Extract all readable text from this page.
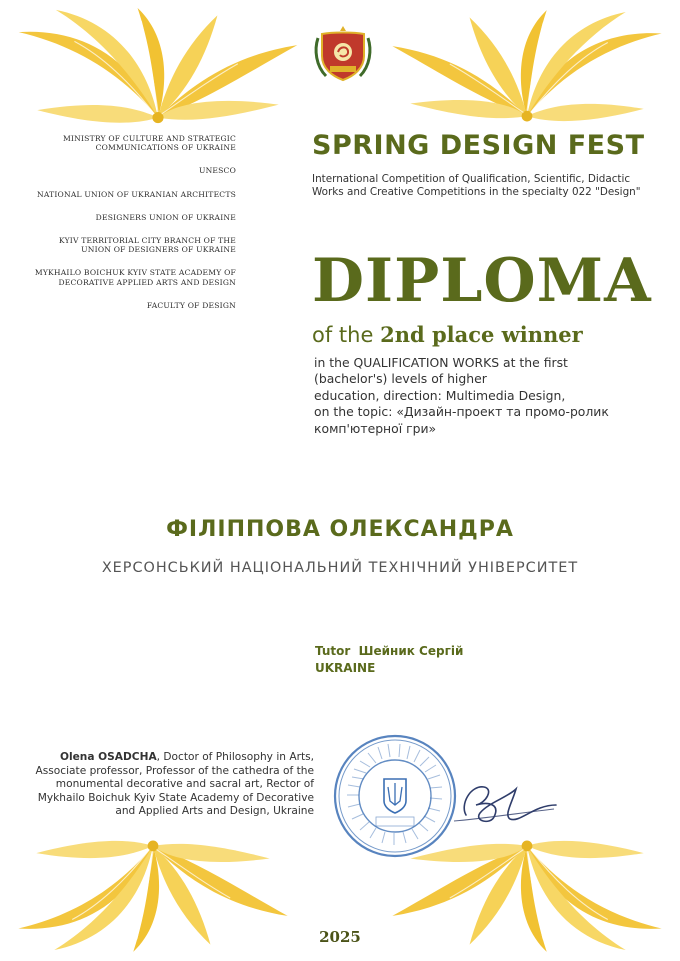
MINISTRY OF CULTURE AND STRATEGIC COMMUNICATIONS OF UKRAINE
UNESCO
NATIONAL UNION OF UKRANIAN ARCHITECTS
DESIGNERS UNION OF UKRAINE
KYIV TERRITORIAL CITY BRANCH OF THE UNION OF DESIGNERS OF UKRAINE
MYKHAILO BOICHUK KYIV STATE ACADEMY OF DECORATIVE APPLIED ARTS AND DESIGN
FACULTY OF DESIGN
SPRING DESIGN FEST
International Competition of Qualification, Scientific, Didactic Works and Creative Competitions in the specialty 022 "Design"
DIPLOMA
of the 2nd place winner
in the QUALIFICATION WORKS at the first
(bachelor's) levels of higher
education, direction: Multimedia Design,
on the topic: «Дизайн-проект та промо-ролик
комп'ютерної гри»
ФІЛІППОВА ОЛЕКСАНДРА
ХЕРСОНСЬКИЙ НАЦІОНАЛЬНИЙ ТЕХНІЧНИЙ УНІВЕРСИТЕТ
Tutor  Шейник Сергій
UKRAINE
Olena OSADCHA, Doctor of Philosophy in Arts, Associate professor, Professor of the cathedra of the monumental decorative and sacral art, Rector of Mykhailo Boichuk Kyiv State Academy of Decorative and Applied Arts and Design, Ukraine
2025
